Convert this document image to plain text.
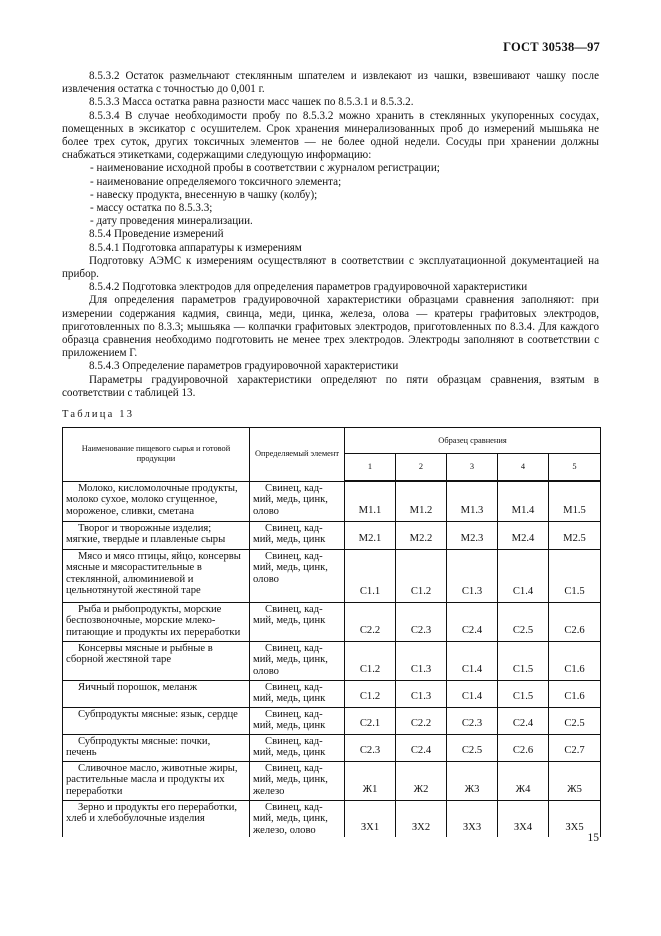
ГОСТ 30538—97

8.5.3.2 Остаток размельчают стеклянным шпателем и извлекают из чашки, взвешивают чашку после извлечения остатка с точностью до 0,001 г.

8.5.3.3 Масса остатка равна разности масс чашек по 8.5.3.1 и 8.5.3.2.

8.5.3.4 В случае необходимости пробу по 8.5.3.2 можно хранить в стеклянных укупоренных сосудах, помещенных в эксикатор с осушителем. Срок хранения минерализованных проб до измерений мышьяка не более трех суток, других токсичных элементов — не более одной недели. Сосуды при хранении должны снабжаться этикетками, содержащими следующую информацию:

- наименование исходной пробы в соответствии с журналом регистрации;

- наименование определяемого токсичного элемента;

- навеску продукта, внесенную в чашку (колбу);

- массу остатка по 8.5.3.3;

- дату проведения минерализации.

8.5.4 Проведение измерений

8.5.4.1 Подготовка аппаратуры к измерениям

Подготовку АЭМС к измерениям осуществляют в соответствии с эксплуатационной документацией на прибор.

8.5.4.2 Подготовка электродов для определения параметров градуировочной характеристики

Для определения параметров градуировочной характеристики образцами сравнения заполняют: при измерении содержания кадмия, свинца, меди, цинка, железа, олова — кратеры графитовых электродов, приготовленных по 8.3.3; мышьяка — колпачки графитовых электродов, приготовленных по 8.3.4. Для каждого образца сравнения необходимо подготовить не менее трех электродов. Электроды заполняют в соответствии с приложением Г.

8.5.4.3 Определение параметров градуировочной характеристики

Параметры градуировочной характеристики определяют по пяти образцам сравнения, взятым в соответствии с таблицей 13.

Таблица 13
Наименование пищевого сырья и готовой продукции	Определяемый элемент	Образец сравнения				
		1	2	3	4	5

Молоко, кисломолочные продукты,
молоко сухое, молоко сгущенное,
мороженое, сливки, сметана	Свинец, кад-
мий, медь, цинк,
олово	М1.1	М1.2	М1.3	М1.4	М1.5

Творог и творожные изделия;
мягкие, твердые и плавленые сыры	Свинец, кад-
мий, медь, цинк	М2.1	М2.2	М2.3	М2.4	М2.5

Мясо и мясо птицы, яйцо, консервы
мясные и мясорастительные в
стеклянной, алюминиевой и
цельнотянутой жестяной таре	Свинец, кад-
мий, медь, цинк,
олово	С1.1	С1.2	С1.3	С1.4	С1.5

Рыба и рыбопродукты, морские
беспозвоночные, морские млеко-
питающие и продукты их переработки	Свинец, кад-
мий, медь, цинк	С2.2	С2.3	С2.4	С2.5	С2.6

Консервы мясные и рыбные в
сборной жестяной таре	Свинец, кад-
мий, медь, цинк,
олово	С1.2	С1.3	С1.4	С1.5	С1.6

Яичный порошок, меланж	Свинец, кад-
мий, медь, цинк	С1.2	С1.3	С1.4	С1.5	С1.6

Субпродукты мясные: язык, сердце	Свинец, кад-
мий, медь, цинк	С2.1	С2.2	С2.3	С2.4	С2.5

Субпродукты мясные: почки,
печень	Свинец, кад-
мий, медь, цинк	С2.3	С2.4	С2.5	С2.6	С2.7

Сливочное масло, животные жиры,
растительные масла и продукты их
переработки	Свинец, кад-
мий, медь, цинк,
железо	Ж1	Ж2	Ж3	Ж4	Ж5

Зерно и продукты его переработки,
хлеб и хлебобулочные изделия	Свинец, кад-
мий, медь, цинк,
железо, олово	ЗХ1	ЗХ2	ЗХ3	ЗХ4	ЗХ5
15
